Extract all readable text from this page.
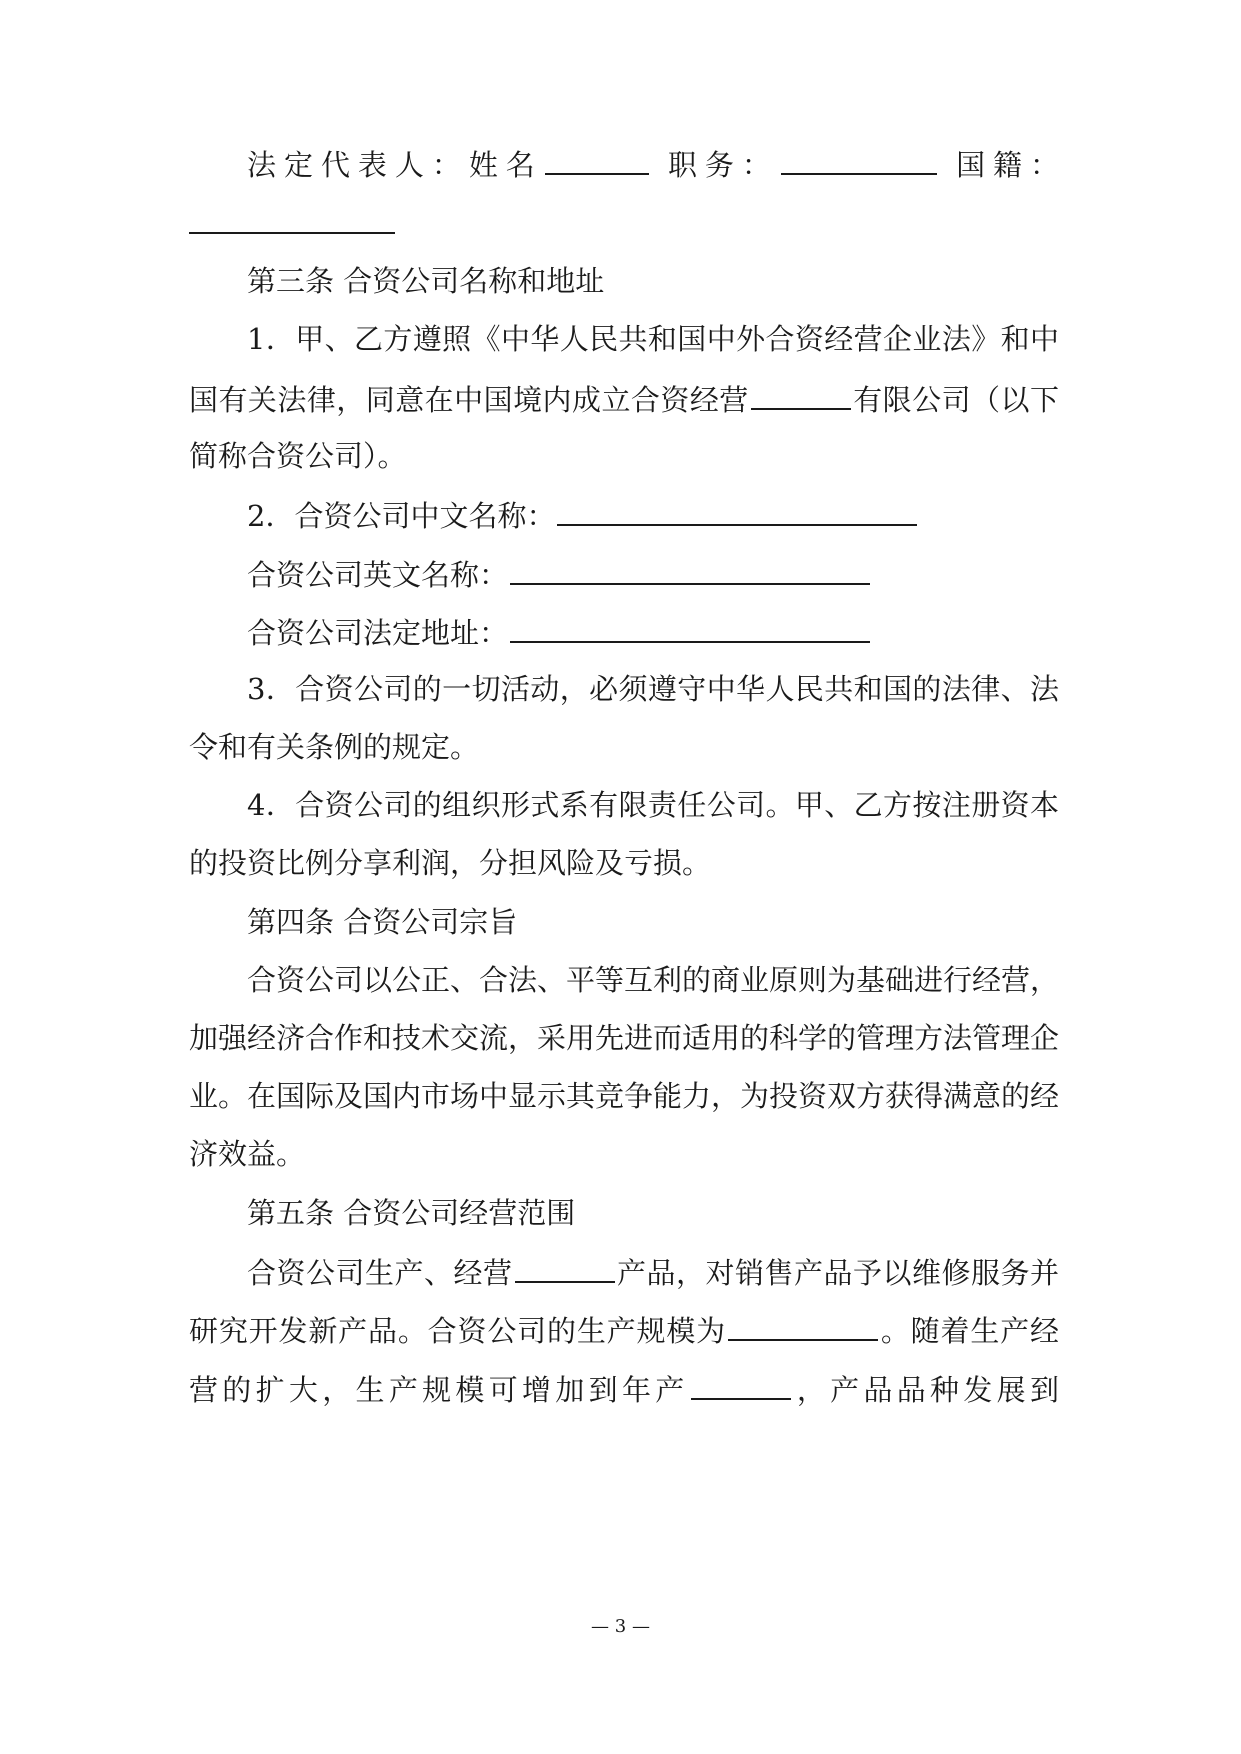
法定代表人：姓名	职务：	国籍：
第三条 合资公司名称和地址
1．甲、乙方遵照《中华人民共和国中外合资经营企业法》和中
国有关法律，同意在中国境内成立合资经营	有限公司（以下
简称合资公司）。
2．合资公司中文名称：
合资公司英文名称：
合资公司法定地址：
3．合资公司的一切活动，必须遵守中华人民共和国的法律、法
令和有关条例的规定。
4．合资公司的组织形式系有限责任公司。甲、乙方按注册资本
的投资比例分享利润，分担风险及亏损。
第四条 合资公司宗旨
合资公司以公正、合法、平等互利的商业原则为基础进行经营，
加强经济合作和技术交流，采用先进而适用的科学的管理方法管理企
业。在国际及国内市场中显示其竞争能力，为投资双方获得满意的经
济效益。
第五条 合资公司经营范围
合资公司生产、经营	产品，对销售产品予以维修服务并
研究开发新产品。合资公司的生产规模为	。随着生产经
营的扩大，生产规模可增加到年产	，产品品种发展到
— 3 —
